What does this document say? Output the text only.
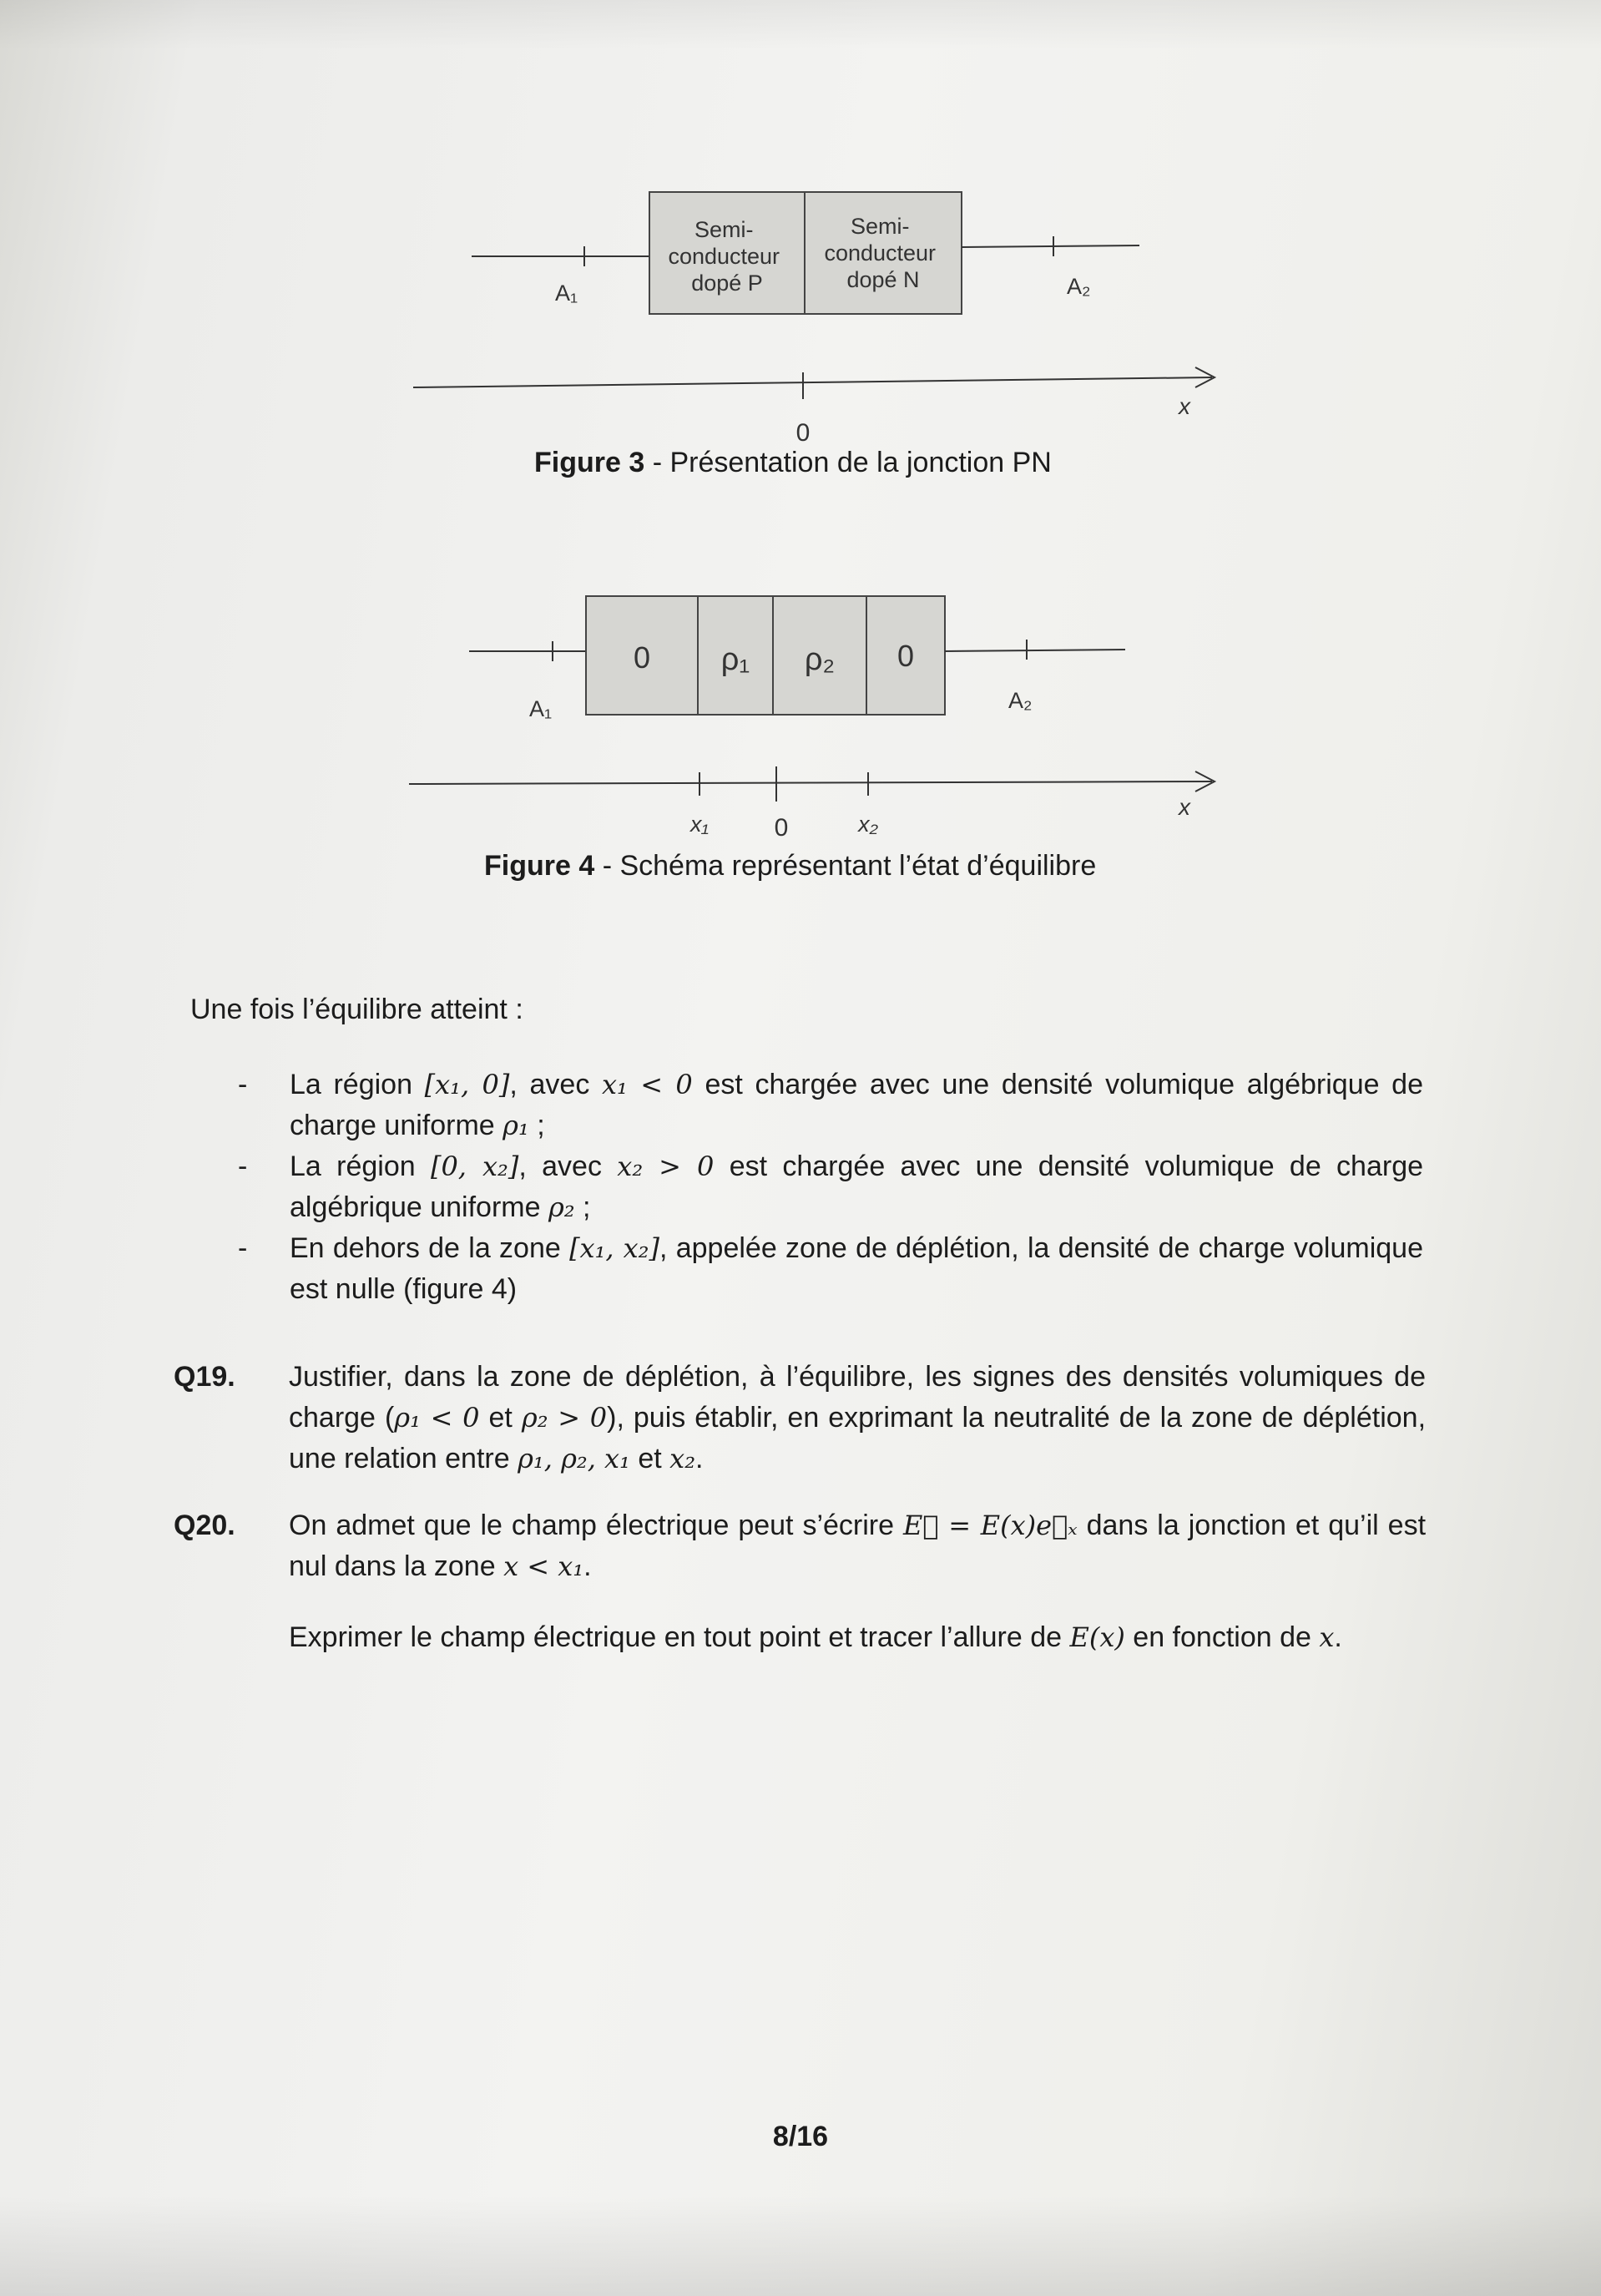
Semi- conducteur dopé P
Semi- conducteur dopé N
A₁	A₂
0
x
0 ρ₁ ρ₂ 0
A₁	A₂
x₁	0	x₂
x
Figure 3 - Présentation de la jonction PN
Figure 4 - Schéma représentant l’état d’équilibre
Une fois l’équilibre atteint :
- La région [x₁, 0], avec x₁ < 0 est chargée avec une densité volumique algébrique de charge uniforme ρ₁ ;
- La région [0, x₂], avec x₂ > 0 est chargée avec une densité volumique de charge algébrique uniforme ρ₂ ;
- En dehors de la zone [x₁, x₂], appelée zone de déplétion, la densité de charge volumique est nulle (figure 4)
Q19. Justifier, dans la zone de déplétion, à l’équilibre, les signes des densités volumiques de charge (ρ₁ < 0 et ρ₂ > 0), puis établir, en exprimant la neutralité de la zone de déplétion, une relation entre ρ₁, ρ₂, x₁ et x₂.
Q20. On admet que le champ électrique peut s’écrire E⃗ = E(x)e⃗ₓ dans la jonction et qu’il est nul dans la zone x < x₁.
Exprimer le champ électrique en tout point et tracer l’allure de E(x) en fonction de x.
8/16
